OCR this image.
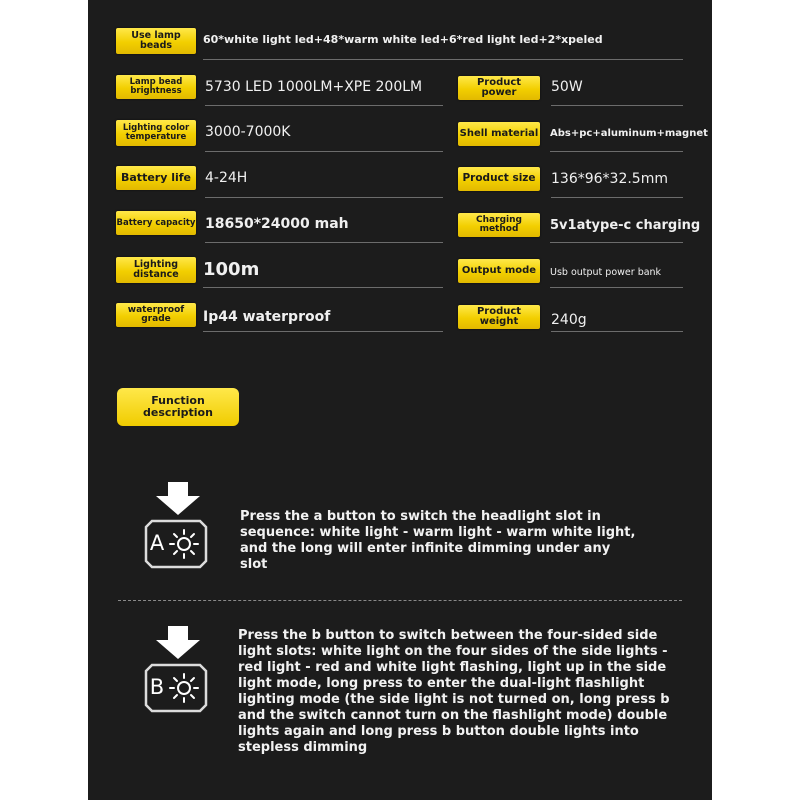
Use lamp beads	60*white light led+48*warm white led+6*red light led+2*xpeled
Lamp bead brightness	5730 LED 1000LM+XPE 200LM	Product power	50W
Lighting color temperature	3000-7000K	Shell material Abs+pc+aluminum+magnet
Battery life	4-24H	Product size	136*96*32.5mm
Battery capacity 18650*24000 mah	Charging method	5v1atype-c charging
Lighting distance	100m	Output mode	Usb output power bank
waterproof grade	Ip44 waterproof	Product weight	240g
Function description
A
Press the a button to switch the headlight slot in sequence: white light - warm light - warm white light, and the long will enter infinite dimming under any slot
B
Press the b button to switch between the four-sided side light slots: white light on the four sides of the side lights - red light - red and white light flashing, light up in the side light mode, long press to enter the dual-light flashlight lighting mode (the side light is not turned on, long press b and the switch cannot turn on the flashlight mode) double lights again and long press b button double lights into stepless dimming
